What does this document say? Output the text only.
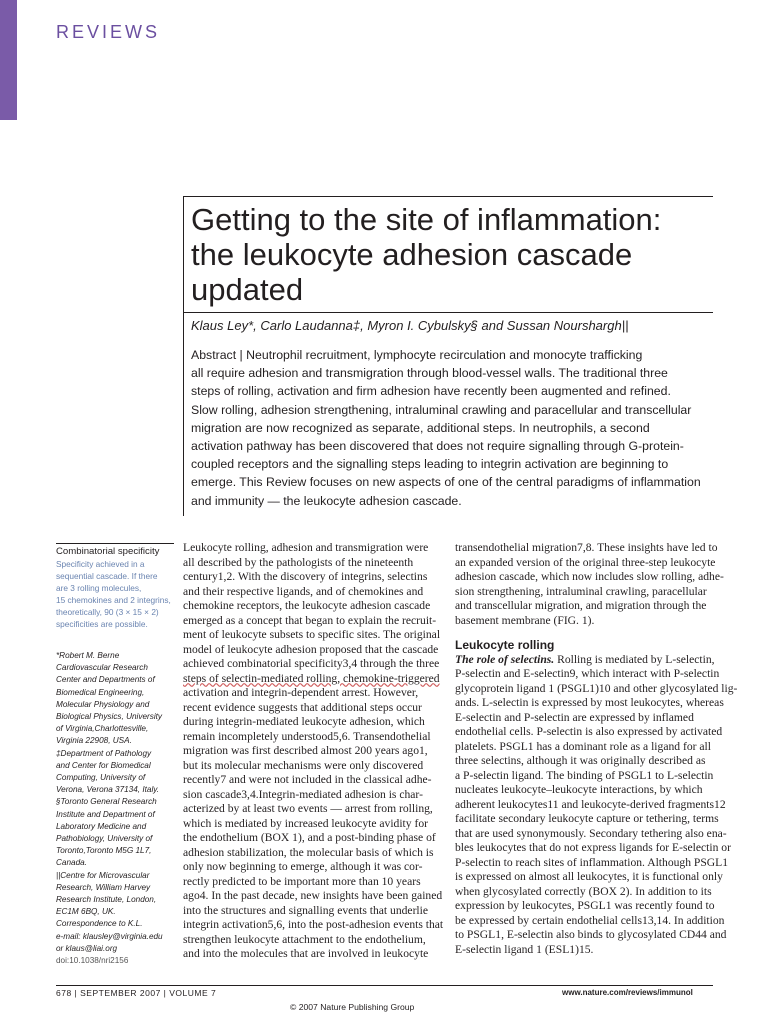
REVIEWS
Getting to the site of inflammation:
the leukocyte adhesion cascade
updated
Klaus Ley*, Carlo Laudanna‡, Myron I. Cybulsky§ and Sussan Nourshargh||
Abstract | Neutrophil recruitment, lymphocyte recirculation and monocyte trafficking
all require adhesion and transmigration through blood-vessel walls. The traditional three
steps of rolling, activation and firm adhesion have recently been augmented and refined.
Slow rolling, adhesion strengthening, intraluminal crawling and paracellular and transcellular
migration are now recognized as separate, additional steps. In neutrophils, a second
activation pathway has been discovered that does not require signalling through G-protein-
coupled receptors and the signalling steps leading to integrin activation are beginning to
emerge. This Review focuses on new aspects of one of the central paradigms of inflammation
and immunity — the leukocyte adhesion cascade.
Combinatorial specificity
Specificity achieved in a
sequential cascade. If there
are 3 rolling molecules,
15 chemokines and 2 integrins,
theoretically, 90 (3 × 15 × 2)
specificities are possible.
*Robert M. Berne
Cardiovascular Research
Center and Departments of
Biomedical Engineering,
Molecular Physiology and
Biological Physics, University
of Virginia,Charlottesville,
Virginia 22908, USA.
‡Department of Pathology
and Center for Biomedical
Computing, University of
Verona, Verona 37134, Italy.
§Toronto General Research
Institute and Department of
Laboratory Medicine and
Pathobiology, University of
Toronto,Toronto M5G 1L7,
Canada.
||Centre for Microvascular
Research, William Harvey
Research Institute, London,
EC1M 6BQ, UK.
Correspondence to K.L.
e-mail: klausley@virginia.edu
or klaus@liai.org
doi:10.1038/nri2156
Leukocyte rolling, adhesion and transmigration were
all described by the pathologists of the nineteenth
century1,2. With the discovery of integrins, selectins
and their respective ligands, and of chemokines and
chemokine receptors, the leukocyte adhesion cascade
emerged as a concept that began to explain the recruit-
ment of leukocyte subsets to specific sites. The original
model of leukocyte adhesion proposed that the cascade
achieved combinatorial specificity3,4 through the three
steps of selectin-mediated rolling, chemokine-triggered
activation and integrin-dependent arrest. However,
recent evidence suggests that additional steps occur
during integrin-mediated leukocyte adhesion, which
remain incompletely understood5,6. Transendothelial
migration was first described almost 200 years ago1,
but its molecular mechanisms were only discovered
recently7 and were not included in the classical adhe-
sion cascade3,4.Integrin-mediated adhesion is char-
acterized by at least two events — arrest from rolling,
which is mediated by increased leukocyte avidity for
the endothelium (BOX 1), and a post-binding phase of
adhesion stabilization, the molecular basis of which is
only now beginning to emerge, although it was cor-
rectly predicted to be important more than 10 years
ago4. In the past decade, new insights have been gained
into the structures and signalling events that underlie
integrin activation5,6, into the post-adhesion events that
strengthen leukocyte attachment to the endothelium,
and into the molecules that are involved in leukocyte
transendothelial migration7,8. These insights have led to
an expanded version of the original three-step leukocyte
adhesion cascade, which now includes slow rolling, adhe-
sion strengthening, intraluminal crawling, paracellular
and transcellular migration, and migration through the
basement membrane (FIG. 1).
Leukocyte rolling
The role of selectins. Rolling is mediated by L-selectin,
P-selectin and E-selectin9, which interact with P-selectin
glycoprotein ligand 1 (PSGL1)10 and other glycosylated lig-
ands. L-selectin is expressed by most leukocytes, whereas
E-selectin and P-selectin are expressed by inflamed
endothelial cells. P-selectin is also expressed by activated
platelets. PSGL1 has a dominant role as a ligand for all
three selectins, although it was originally described as
a P-selectin ligand. The binding of PSGL1 to L-selectin
nucleates leukocyte–leukocyte interactions, by which
adherent leukocytes11 and leukocyte-derived fragments12
facilitate secondary leukocyte capture or tethering, terms
that are used synonymously. Secondary tethering also ena-
bles leukocytes that do not express ligands for E-selectin or
P-selectin to reach sites of inflammation. Although PSGL1
is expressed on almost all leukocytes, it is functional only
when glycosylated correctly (BOX 2). In addition to its
expression by leukocytes, PSGL1 was recently found to
be expressed by certain endothelial cells13,14. In addition
to PSGL1, E-selectin also binds to glycosylated CD44 and
E-selectin ligand 1 (ESL1)15.
678 | SEPTEMBER 2007 | VOLUME 7	www.nature.com/reviews/immunol
© 2007 Nature Publishing Group
